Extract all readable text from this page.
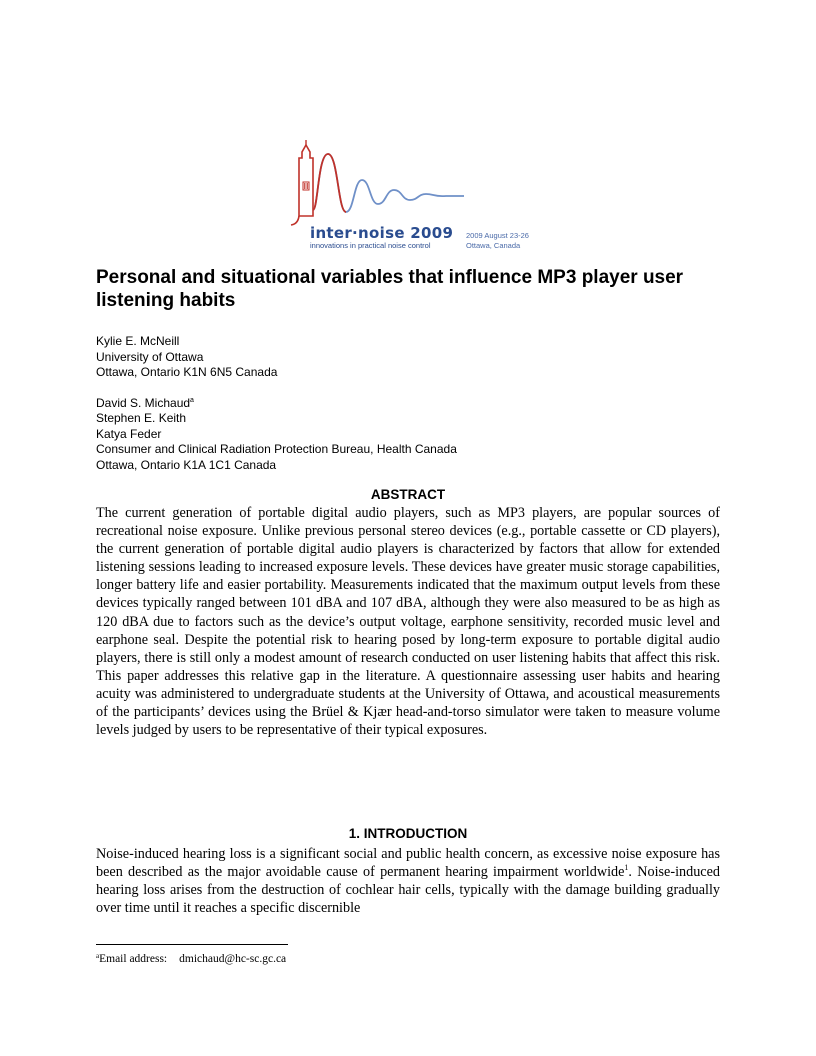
inter·noise 2009
innovations in practical noise control
2009 August 23-26
Ottawa, Canada
Personal and situational variables that influence MP3 player user listening habits
Kylie E. McNeill
University of Ottawa
Ottawa, Ontario K1N 6N5 Canada
David S. Michaud$^a$
Stephen E. Keith
Katya Feder
Consumer and Clinical Radiation Protection Bureau, Health Canada
Ottawa, Ontario K1A 1C1 Canada
ABSTRACT

The current generation of portable digital audio players, such as MP3 players, are popular sources of recreational noise exposure. Unlike previous personal stereo devices (e.g., portable cassette or CD players), the current generation of portable digital audio players is characterized by factors that allow for extended listening sessions leading to increased exposure levels. These devices have greater music storage capabilities, longer battery life and easier portability. Measurements indicated that the maximum output levels from these devices typically ranged between 101 dBA and 107 dBA, although they were also measured to be as high as 120 dBA due to factors such as the device’s output voltage, earphone sensitivity, recorded music level and earphone seal. Despite the potential risk to hearing posed by long-term exposure to portable digital audio players, there is still only a modest amount of research conducted on user listening habits that affect this risk. This paper addresses this relative gap in the literature. A questionnaire assessing user habits and hearing acuity was administered to undergraduate students at the University of Ottawa, and acoustical measurements of the participants’ devices using the Brüel & Kjær head-and-torso simulator were taken to measure volume levels judged by users to be representative of their typical exposures.

1. INTRODUCTION

Noise-induced hearing loss is a significant social and public health concern, as excessive noise exposure has been described as the major avoidable cause of permanent hearing impairment worldwide$^1$. Noise-induced hearing loss arises from the destruction of cochlear hair cells, typically with the damage building gradually over time until it reaches a specific discernible

$^a$Email address: dmichaud@hc-sc.gc.ca
